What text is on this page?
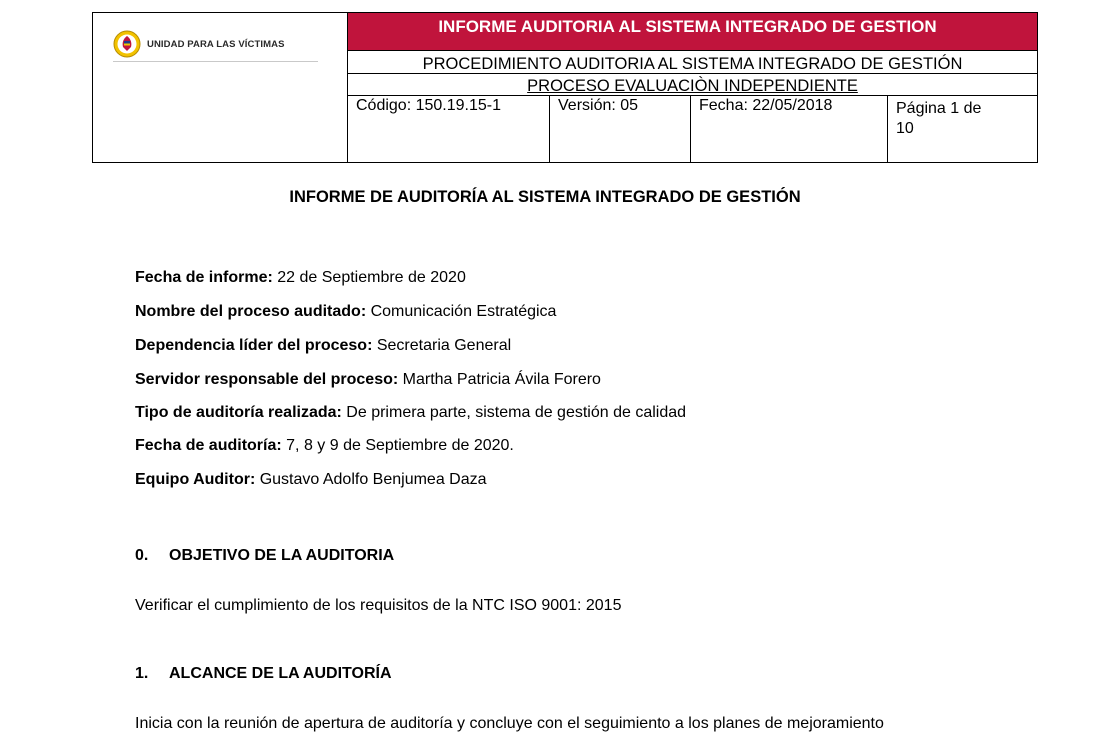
UNIDAD PARA LAS VÍCTIMAS
INFORME AUDITORIA AL SISTEMA INTEGRADO DE GESTION
PROCEDIMIENTO AUDITORIA AL SISTEMA INTEGRADO DE GESTIÓN
PROCESO EVALUACIÒN INDEPENDIENTE
Código: 150.19.15-1	Versión: 05	Fecha: 22/05/2018	Página 1 de
10
INFORME DE AUDITORÍA AL SISTEMA INTEGRADO DE GESTIÓN
Fecha de informe: 22 de Septiembre de 2020
Nombre del proceso auditado: Comunicación Estratégica
Dependencia líder del proceso: Secretaria General
Servidor responsable del proceso: Martha Patricia Ávila Forero
Tipo de auditoría realizada: De primera parte, sistema de gestión de calidad
Fecha de auditoría: 7, 8 y 9 de Septiembre de 2020.
Equipo Auditor: Gustavo Adolfo Benjumea Daza
0. OBJETIVO DE LA AUDITORIA
Verificar el cumplimiento de los requisitos de la NTC ISO 9001: 2015
1. ALCANCE DE LA AUDITORÍA
Inicia con la reunión de apertura de auditoría y concluye con el seguimiento a los planes de mejoramiento
